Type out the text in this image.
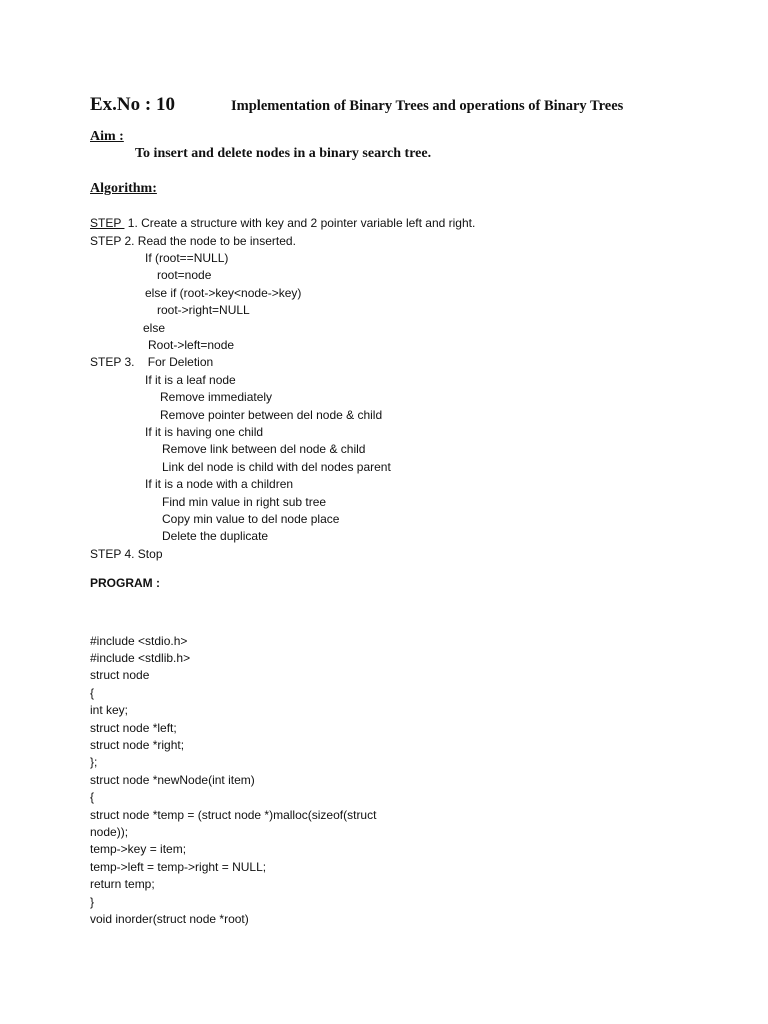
Ex.No : 10	Implementation of Binary Trees and operations of Binary Trees
Aim :
To insert and delete nodes in a binary search tree.
Algorithm:
STEP  1. Create a structure with key and 2 pointer variable left and right.
STEP 2. Read the node to be inserted.
If (root==NULL)
root=node
else if (root->key<node->key)
root->right=NULL
else
Root->left=node
STEP 3.    For Deletion
If it is a leaf node
Remove immediately
Remove pointer between del node & child
If it is having one child
Remove link between del node & child
Link del node is child with del nodes parent
If it is a node with a children
Find min value in right sub tree
Copy min value to del node place
Delete the duplicate
STEP 4. Stop
PROGRAM :
#include <stdio.h>
#include <stdlib.h>
struct node
{
int key;
struct node *left;
struct node *right;
};
struct node *newNode(int item)
{
struct node *temp = (struct node *)malloc(sizeof(struct
node));
temp->key = item;
temp->left = temp->right = NULL;
return temp;
}
void inorder(struct node *root)
